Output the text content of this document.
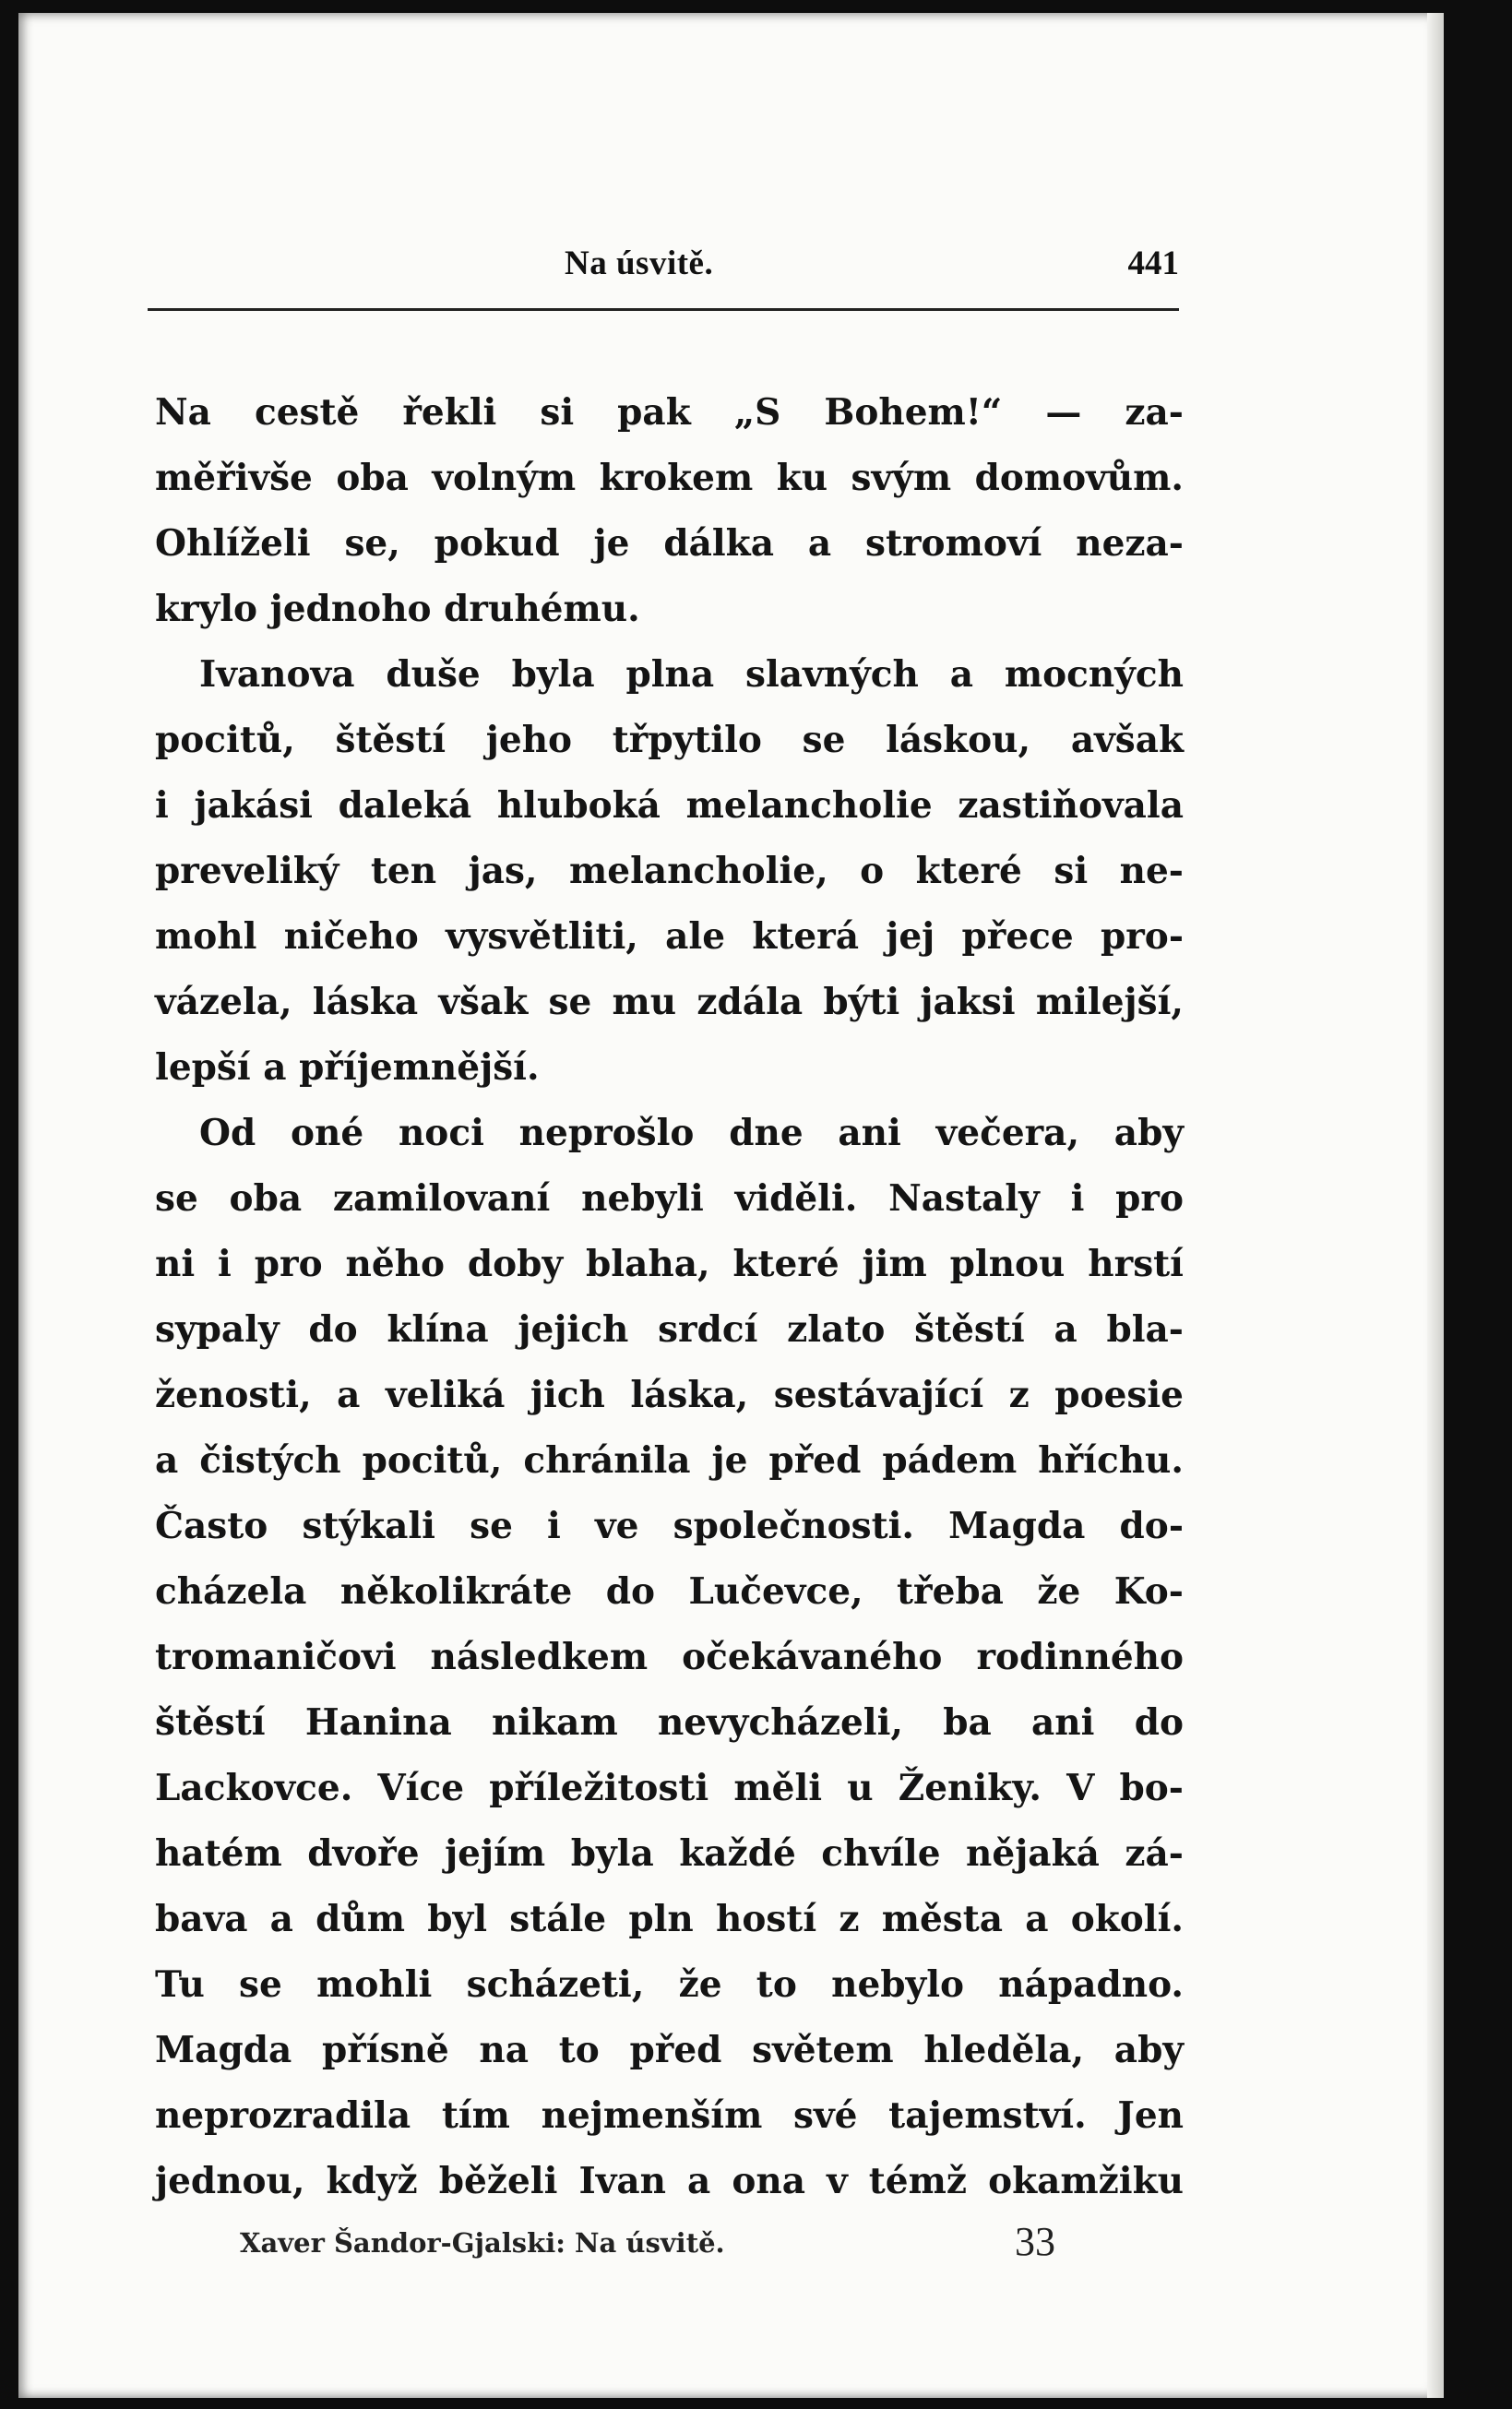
Na úsvitě.	441
Na cestě řekli si pak „S Bohem!“ — za-
měřivše oba volným krokem ku svým domovům.
Ohlíželi se, pokud je dálka a stromoví neza-
krylo jednoho druhému.
Ivanova duše byla plna slavných a mocných
pocitů, štěstí jeho třpytilo se láskou, avšak
i jakási daleká hluboká melancholie zastiňovala
preveliký ten jas, melancholie, o které si ne-
mohl ničeho vysvětliti, ale která jej přece pro-
vázela, láska však se mu zdála býti jaksi milejší,
lepší a příjemnější.
Od oné noci neprošlo dne ani večera, aby
se oba zamilovaní nebyli viděli. Nastaly i pro
ni i pro něho doby blaha, které jim plnou hrstí
sypaly do klína jejich srdcí zlato štěstí a bla-
ženosti, a veliká jich láska, sestávající z poesie
a čistých pocitů, chránila je před pádem hříchu.
Často stýkali se i ve společnosti. Magda do-
cházela několikráte do Lučevce, třeba že Ko-
tromaničovi následkem očekávaného rodinného
štěstí Hanina nikam nevycházeli, ba ani do
Lackovce. Více příležitosti měli u Ženiky. V bo-
hatém dvoře jejím byla každé chvíle nějaká zá-
bava a dům byl stále pln hostí z města a okolí.
Tu se mohli scházeti, že to nebylo nápadno.
Magda přísně na to před světem hleděla, aby
neprozradila tím nejmenším své tajemství. Jen
jednou, když běželi Ivan a ona v témž okamžiku
Xaver Šandor-Gjalski: Na úsvitě.	33
